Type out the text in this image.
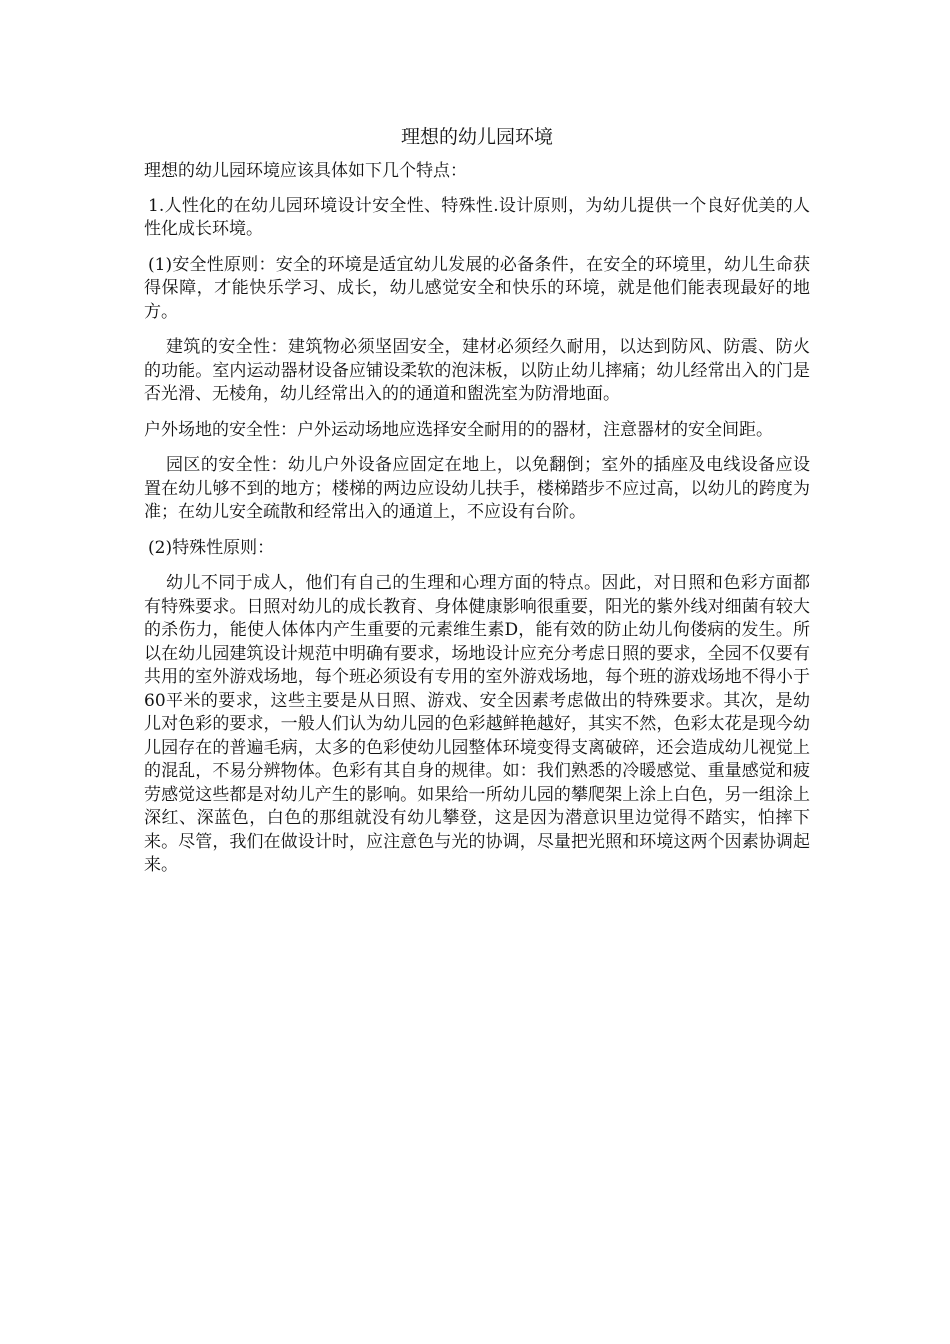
理想的幼儿园环境

理想的幼儿园环境应该具体如下几个特点：

1.人性化的在幼儿园环境设计安全性、特殊性.设计原则，为幼儿提供一个良好优美的人性化成长环境。

(1)安全性原则：安全的环境是适宜幼儿发展的必备条件，在安全的环境里，幼儿生命获得保障，才能快乐学习、成长，幼儿感觉安全和快乐的环境，就是他们能表现最好的地方。

建筑的安全性：建筑物必须坚固安全，建材必须经久耐用，以达到防风、防震、防火的功能。室内运动器材设备应铺设柔软的泡沫板，以防止幼儿摔痛；幼儿经常出入的门是否光滑、无棱角，幼儿经常出入的的通道和盥洗室为防滑地面。

户外场地的安全性：户外运动场地应选择安全耐用的的器材，注意器材的安全间距。

园区的安全性：幼儿户外设备应固定在地上，以免翻倒；室外的插座及电线设备应设置在幼儿够不到的地方；楼梯的两边应设幼儿扶手，楼梯踏步不应过高，以幼儿的跨度为准；在幼儿安全疏散和经常出入的通道上，不应设有台阶。

(2)特殊性原则：

幼儿不同于成人，他们有自己的生理和心理方面的特点。因此，对日照和色彩方面都有特殊要求。日照对幼儿的成长教育、身体健康影响很重要，阳光的紫外线对细菌有较大的杀伤力，能使人体体内产生重要的元素维生素D，能有效的防止幼儿佝偻病的发生。所以在幼儿园建筑设计规范中明确有要求，场地设计应充分考虑日照的要求，全园不仅要有共用的室外游戏场地，每个班必须设有专用的室外游戏场地，每个班的游戏场地不得小于60平米的要求，这些主要是从日照、游戏、安全因素考虑做出的特殊要求。其次，是幼儿对色彩的要求，一般人们认为幼儿园的色彩越鲜艳越好，其实不然，色彩太花是现今幼儿园存在的普遍毛病，太多的色彩使幼儿园整体环境变得支离破碎，还会造成幼儿视觉上的混乱，不易分辨物体。色彩有其自身的规律。如：我们熟悉的冷暖感觉、重量感觉和疲劳感觉这些都是对幼儿产生的影响。如果给一所幼儿园的攀爬架上涂上白色，另一组涂上深红、深蓝色，白色的那组就没有幼儿攀登，这是因为潜意识里边觉得不踏实，怕摔下来。尽管，我们在做设计时，应注意色与光的协调，尽量把光照和环境这两个因素协调起来。
